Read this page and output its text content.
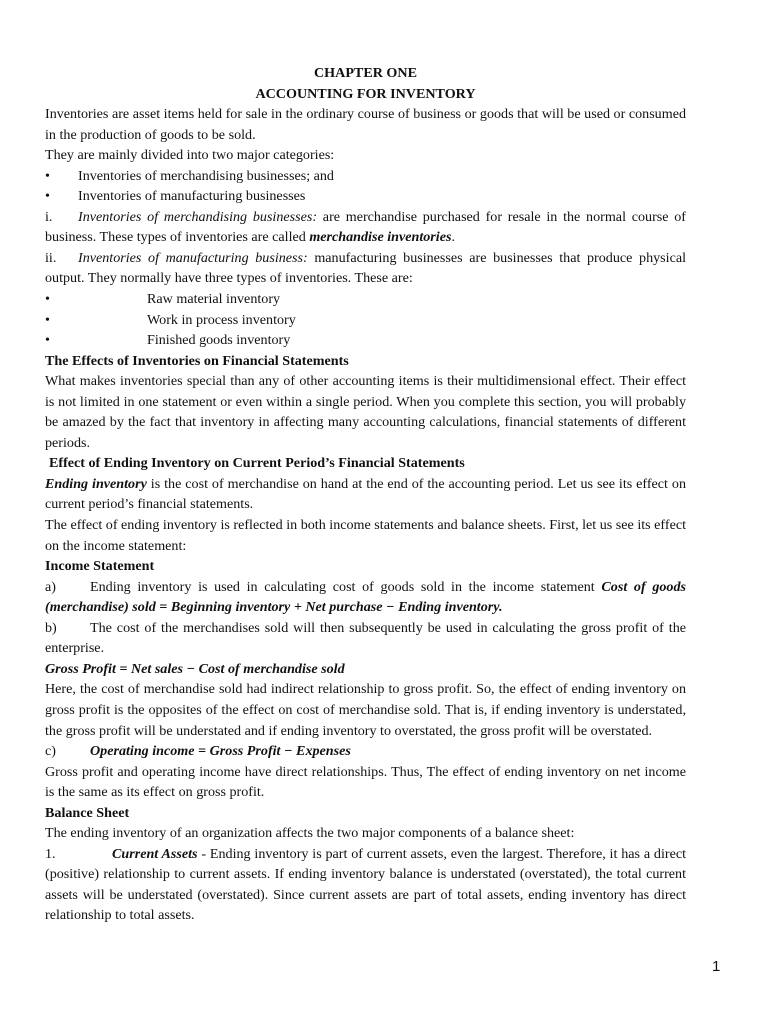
CHAPTER ONE

ACCOUNTING FOR INVENTORY

Inventories are asset items held for sale in the ordinary course of business or goods that will be used or consumed in the production of goods to be sold.

They are mainly divided into two major categories:

•	Inventories of merchandising businesses; and

•	Inventories of manufacturing businesses

i. Inventories of merchandising businesses: are merchandise purchased for resale in the normal course of business. These types of inventories are called merchandise inventories.

ii. Inventories of manufacturing business: manufacturing businesses are businesses that produce physical output. They normally have three types of inventories. These are:

•	Raw material inventory

•	Work in process inventory

•	Finished goods inventory

The Effects of Inventories on Financial Statements

What makes inventories special than any of other accounting items is their multidimensional effect. Their effect is not limited in one statement or even within a single period. When you complete this section, you will probably be amazed by the fact that inventory in affecting many accounting calculations, financial statements of different periods.

Effect of Ending Inventory on Current Period’s Financial Statements

Ending inventory is the cost of merchandise on hand at the end of the accounting period. Let us see its effect on current period’s financial statements.

The effect of ending inventory is reflected in both income statements and balance sheets. First, let us see its effect on the income statement:

Income Statement

a) Ending inventory is used in calculating cost of goods sold in the income statement Cost of goods (merchandise) sold = Beginning inventory + Net purchase − Ending inventory.

b) The cost of the merchandises sold will then subsequently be used in calculating the gross profit of the enterprise.

Gross Profit = Net sales − Cost of merchandise sold

Here, the cost of merchandise sold had indirect relationship to gross profit. So, the effect of ending inventory on gross profit is the opposites of the effect on cost of merchandise sold. That is, if ending inventory is understated, the gross profit will be understated and if ending inventory to overstated, the gross profit will be overstated.

c) Operating income = Gross Profit − Expenses

Gross profit and operating income have direct relationships. Thus, The effect of ending inventory on net income is the same as its effect on gross profit.

Balance Sheet

The ending inventory of an organization affects the two major components of a balance sheet:

1.	Current Assets - Ending inventory is part of current assets, even the largest. Therefore, it has a direct (positive) relationship to current assets. If ending inventory balance is understated (overstated), the total current assets will be understated (overstated). Since current assets are part of total assets, ending inventory has direct relationship to total assets.

1
